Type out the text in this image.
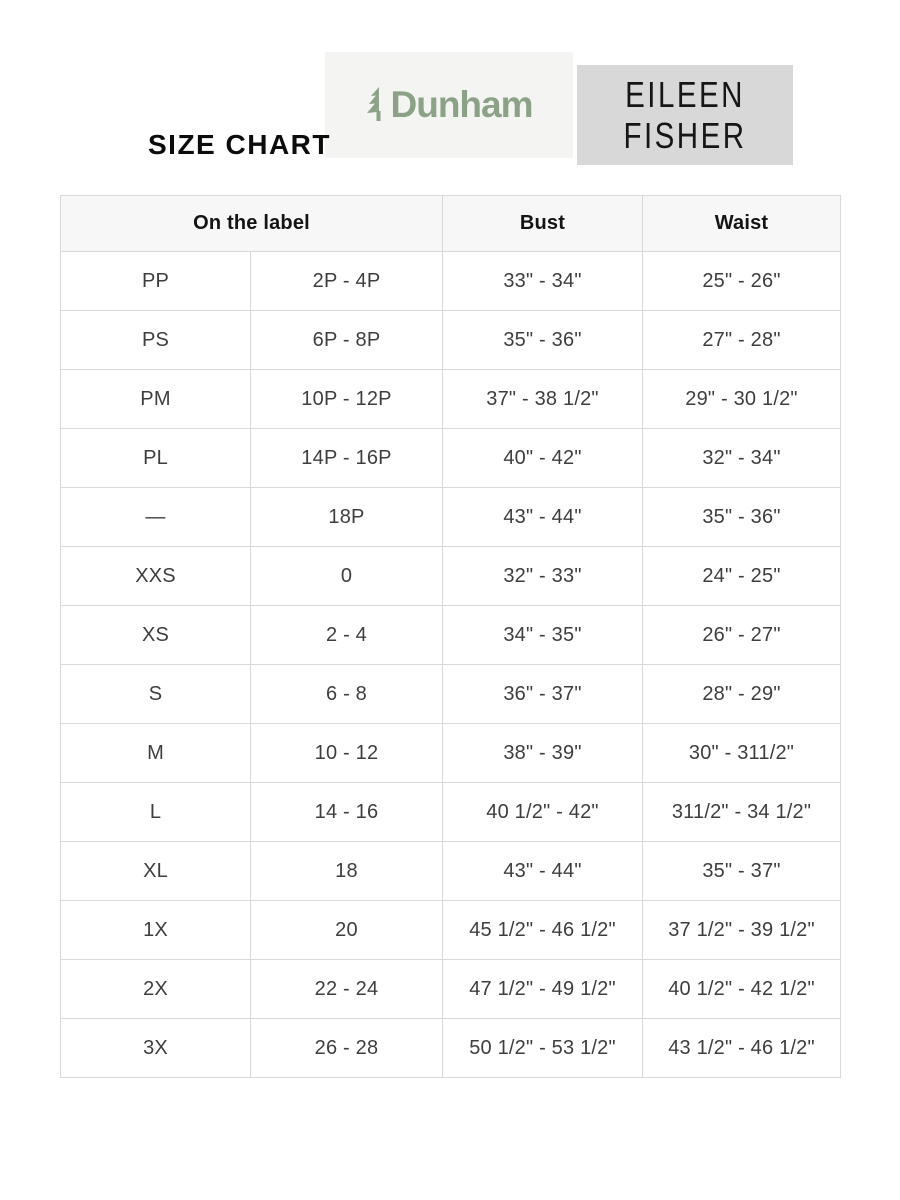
Dunham	EILEEN
FISHER
SIZE CHART
On the label		Bust	Waist
PP	2P - 4P	33" - 34"	25" - 26"
PS	6P - 8P	35" - 36"	27" - 28"
PM	10P - 12P	37" - 38 1/2"	29" - 30 1/2"
PL	14P - 16P	40" - 42"	32" - 34"
—	18P	43" - 44"	35" - 36"
XXS	0	32" - 33"	24" - 25"
XS	2 - 4	34" - 35"	26" - 27"
S	6 - 8	36" - 37"	28" - 29"
M	10 - 12	38" - 39"	30" - 311/2"
L	14 - 16	40 1/2" - 42"	311/2" - 34 1/2"
XL	18	43" - 44"	35" - 37"
1X	20	45 1/2" - 46 1/2"	37 1/2" - 39 1/2"
2X	22 - 24	47 1/2" - 49 1/2"	40 1/2" - 42 1/2"
3X	26 - 28	50 1/2" - 53 1/2"	43 1/2" - 46 1/2"
